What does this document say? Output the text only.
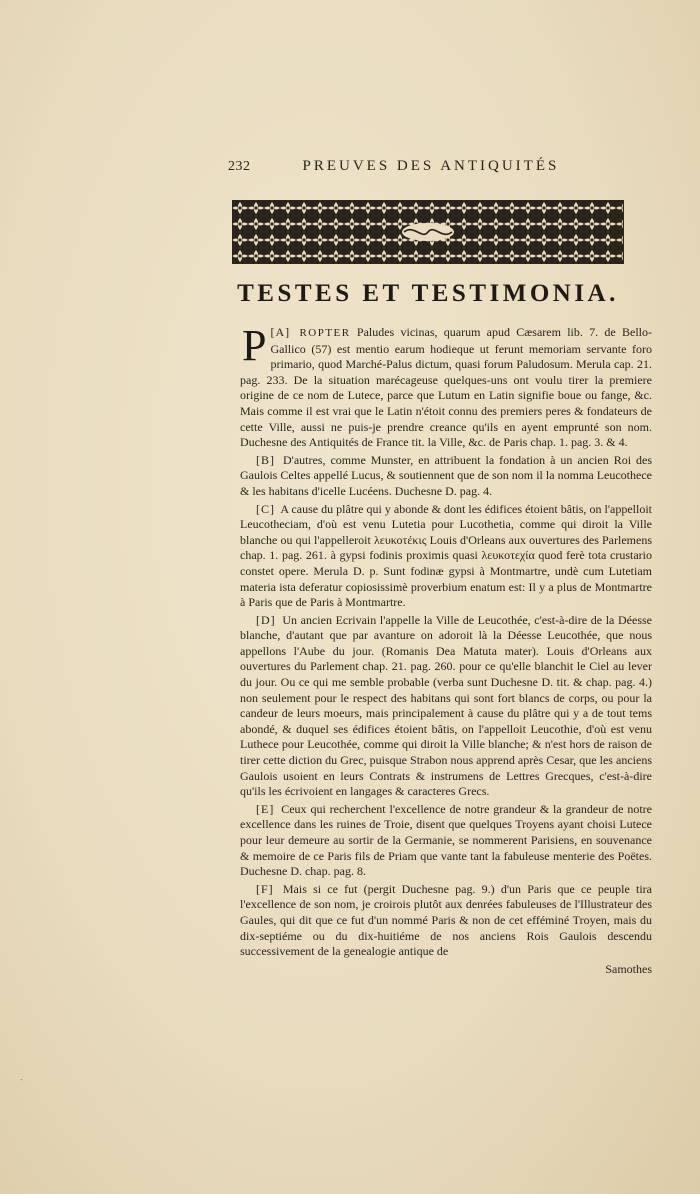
232	PREUVES DES ANTIQUITÉS
TESTES ET TESTIMONIA.

[A]
P	ROPTER Paludes vicinas, quarum apud Cæsarem lib. 7. de Bello-Gallico (57) est mentio earum hodieque ut ferunt memoriam servante foro primario, quod Marché-Palus dictum, quasi forum Paludosum. Merula cap. 21. pag. 233. De la situation marécageuse quelques-uns ont voulu tirer la premiere origine de ce nom de Lutece, parce que Lutum en Latin signifie boue ou fange, &c. Mais comme il est vrai que le Latin n'étoit connu des premiers peres & fondateurs de cette Ville, aussi ne puis-je prendre creance qu'ils en ayent emprunté son nom. Duchesne des Antiquités de France tit. la Ville, &c. de Paris chap. 1. pag. 3. & 4.

[B] D'autres, comme Munster, en attribuent la fondation à un ancien Roi des Gaulois Celtes appellé Lucus, & soutiennent que de son nom il la nomma Leucothece & les habitans d'icelle Lucéens. Duchesne D. pag. 4.

[C] A cause du plâtre qui y abonde & dont les édifices étoient bâtis, on l'appelloit Leucotheciam, d'où est venu Lutetia pour Lucothetia, comme qui diroit la Ville blanche ou qui l'appelleroit λευκοτέκις Louis d'Orleans aux ouvertures des Parlemens chap. 1. pag. 261. à gypsi fodinis proximis quasi λευκοτεχία quod ferè tota crustario constet opere. Merula D. p. Sunt fodinæ gypsi à Montmartre, undè cum Lutetiam materia ista deferatur copiosissimè proverbium enatum est: Il y a plus de Montmartre à Paris que de Paris à Montmartre.

[D] Un ancien Ecrivain l'appelle la Ville de Leucothée, c'est-à-dire de la Déesse blanche, d'autant que par avanture on adoroit là la Déesse Leucothée, que nous appellons l'Aube du jour. (Romanis Dea Matuta mater). Louis d'Orleans aux ouvertures du Parlement chap. 21. pag. 260. pour ce qu'elle blanchit le Ciel au lever du jour. Ou ce qui me semble probable (verba sunt Duchesne D. tit. & chap. pag. 4.) non seulement pour le respect des habitans qui sont fort blancs de corps, ou pour la candeur de leurs moeurs, mais principalement à cause du plâtre qui y a de tout tems abondé, & duquel ses édifices étoient bâtis, on l'appelloit Leucothie, d'où est venu Luthece pour Leucothée, comme qui diroit la Ville blanche; & n'est hors de raison de tirer cette diction du Grec, puisque Strabon nous apprend après Cesar, que les anciens Gaulois usoient en leurs Contrats & instrumens de Lettres Grecques, c'est-à-dire qu'ils les écrivoient en langages & caracteres Grecs.

[E] Ceux qui recherchent l'excellence de notre grandeur & la grandeur de notre excellence dans les ruines de Troie, disent que quelques Troyens ayant choisi Lutece pour leur demeure au sortir de la Germanie, se nommerent Parisiens, en souvenance & memoire de ce Paris fils de Priam que vante tant la fabuleuse menterie des Poëtes. Duchesne D. chap. pag. 8.

[F] Mais si ce fut (pergit Duchesne pag. 9.) d'un Paris que ce peuple tira l'excellence de son nom, je croirois plutôt aux denrées fabuleuses de l'Illustrateur des Gaules, qui dit que ce fut d'un nommé Paris & non de cet efféminé Troyen, mais du dix-septiéme ou du dix-huitiéme de nos anciens Rois Gaulois descendu successivement de la genealogie antique de

Samothes
ˏ
